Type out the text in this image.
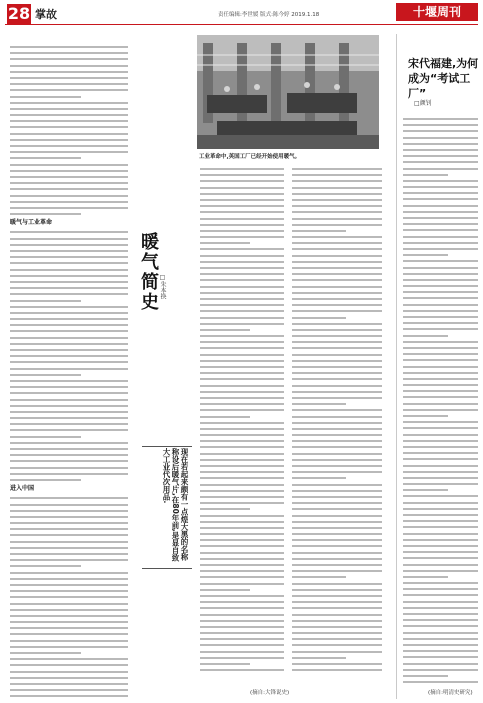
28 掌故	责任编辑:李世媛 版式:陈今婷 2019.1.18	十堰周刊
暖气与工业革命
进入中国
工业革命中,英国工厂已经开始使用暖气。
暖气简史 □朱本换
现在若起来颇有一点煌大黑的名称称设后暖气片,在80年前,是显自致大工业代次用品.
(摘自:大锋说史)
宋代福建,为何成为“考试工厂”
□颜钊
(摘自:明清史研究)
